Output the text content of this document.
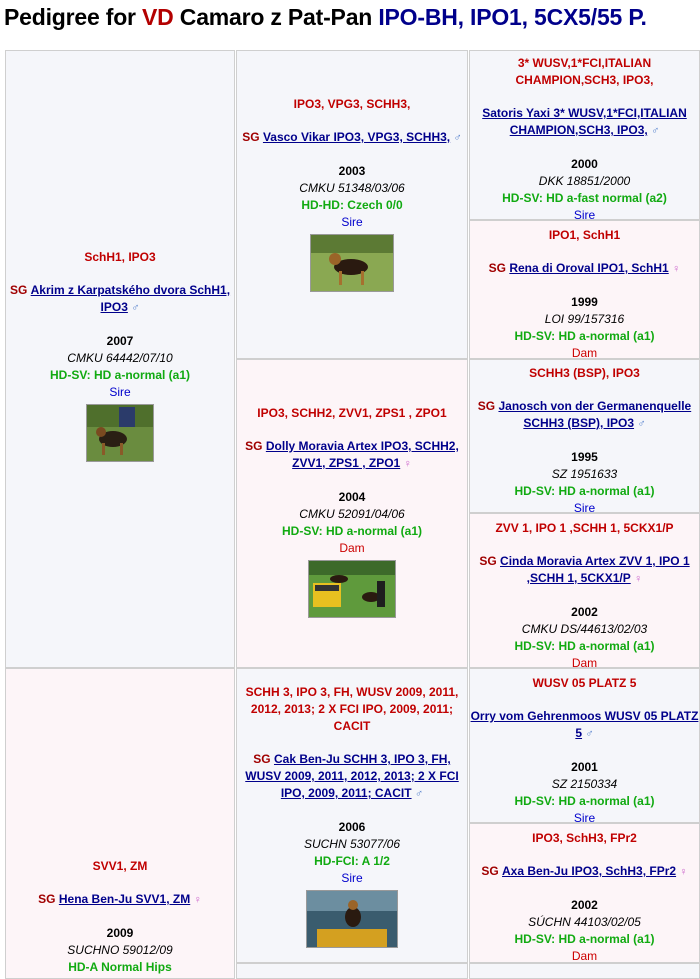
Pedigree for VD Camaro z Pat-Pan IPO-BH, IPO1, 5CX5/55 P.
SchH1, IPO3
SG Akrim z Karpatského dvora SchH1, IPO3 ♂
2007
CMKU 64442/07/10
HD-SV: HD a-normal (a1)
Sire
SVV1, ZM
SG Hena Ben-Ju SVV1, ZM ♀
2009
SUCHNO 59012/09
HD-A Normal Hips
IPO3, VPG3, SCHH3,
SG Vasco Vikar IPO3, VPG3, SCHH3, ♂
2003
CMKU 51348/03/06
HD-HD: Czech 0/0
Sire
IPO3, SCHH2, ZVV1, ZPS1 , ZPO1
SG Dolly Moravia Artex IPO3, SCHH2, ZVV1, ZPS1 , ZPO1 ♀
2004
CMKU 52091/04/06
HD-SV: HD a-normal (a1)
Dam
SCHH 3, IPO 3, FH, WUSV 2009, 2011, 2012, 2013; 2 X FCI IPO, 2009, 2011; CACIT
SG Cak Ben-Ju SCHH 3, IPO 3, FH, WUSV 2009, 2011, 2012, 2013; 2 X FCI IPO, 2009, 2011; CACIT ♂
2006
SUCHN 53077/06
HD-FCI: A 1/2
Sire
3* WUSV,1*FCI,ITALIAN CHAMPION,SCH3, IPO3,
Satoris Yaxi 3* WUSV,1*FCI,ITALIAN CHAMPION,SCH3, IPO3, ♂
2000
DKK 18851/2000
HD-SV: HD a-fast normal (a2)
Sire
IPO1, SchH1
SG Rena di Oroval IPO1, SchH1 ♀
1999
LOI 99/157316
HD-SV: HD a-normal (a1)
Dam
SCHH3 (BSP), IPO3
SG Janosch von der Germanenquelle SCHH3 (BSP), IPO3 ♂
1995
SZ 1951633
HD-SV: HD a-normal (a1)
Sire
ZVV 1, IPO 1 ,SCHH 1, 5CKX1/P
SG Cinda Moravia Artex ZVV 1, IPO 1 ,SCHH 1, 5CKX1/P ♀
2002
CMKU DS/44613/02/03
HD-SV: HD a-normal (a1)
Dam
WUSV 05 PLATZ 5
Orry vom Gehrenmoos WUSV 05 PLATZ 5 ♂
2001
SZ 2150334
HD-SV: HD a-normal (a1)
Sire
IPO3, SchH3, FPr2
SG Axa Ben-Ju IPO3, SchH3, FPr2 ♀
2002
SÚCHN 44103/02/05
HD-SV: HD a-normal (a1)
Dam
